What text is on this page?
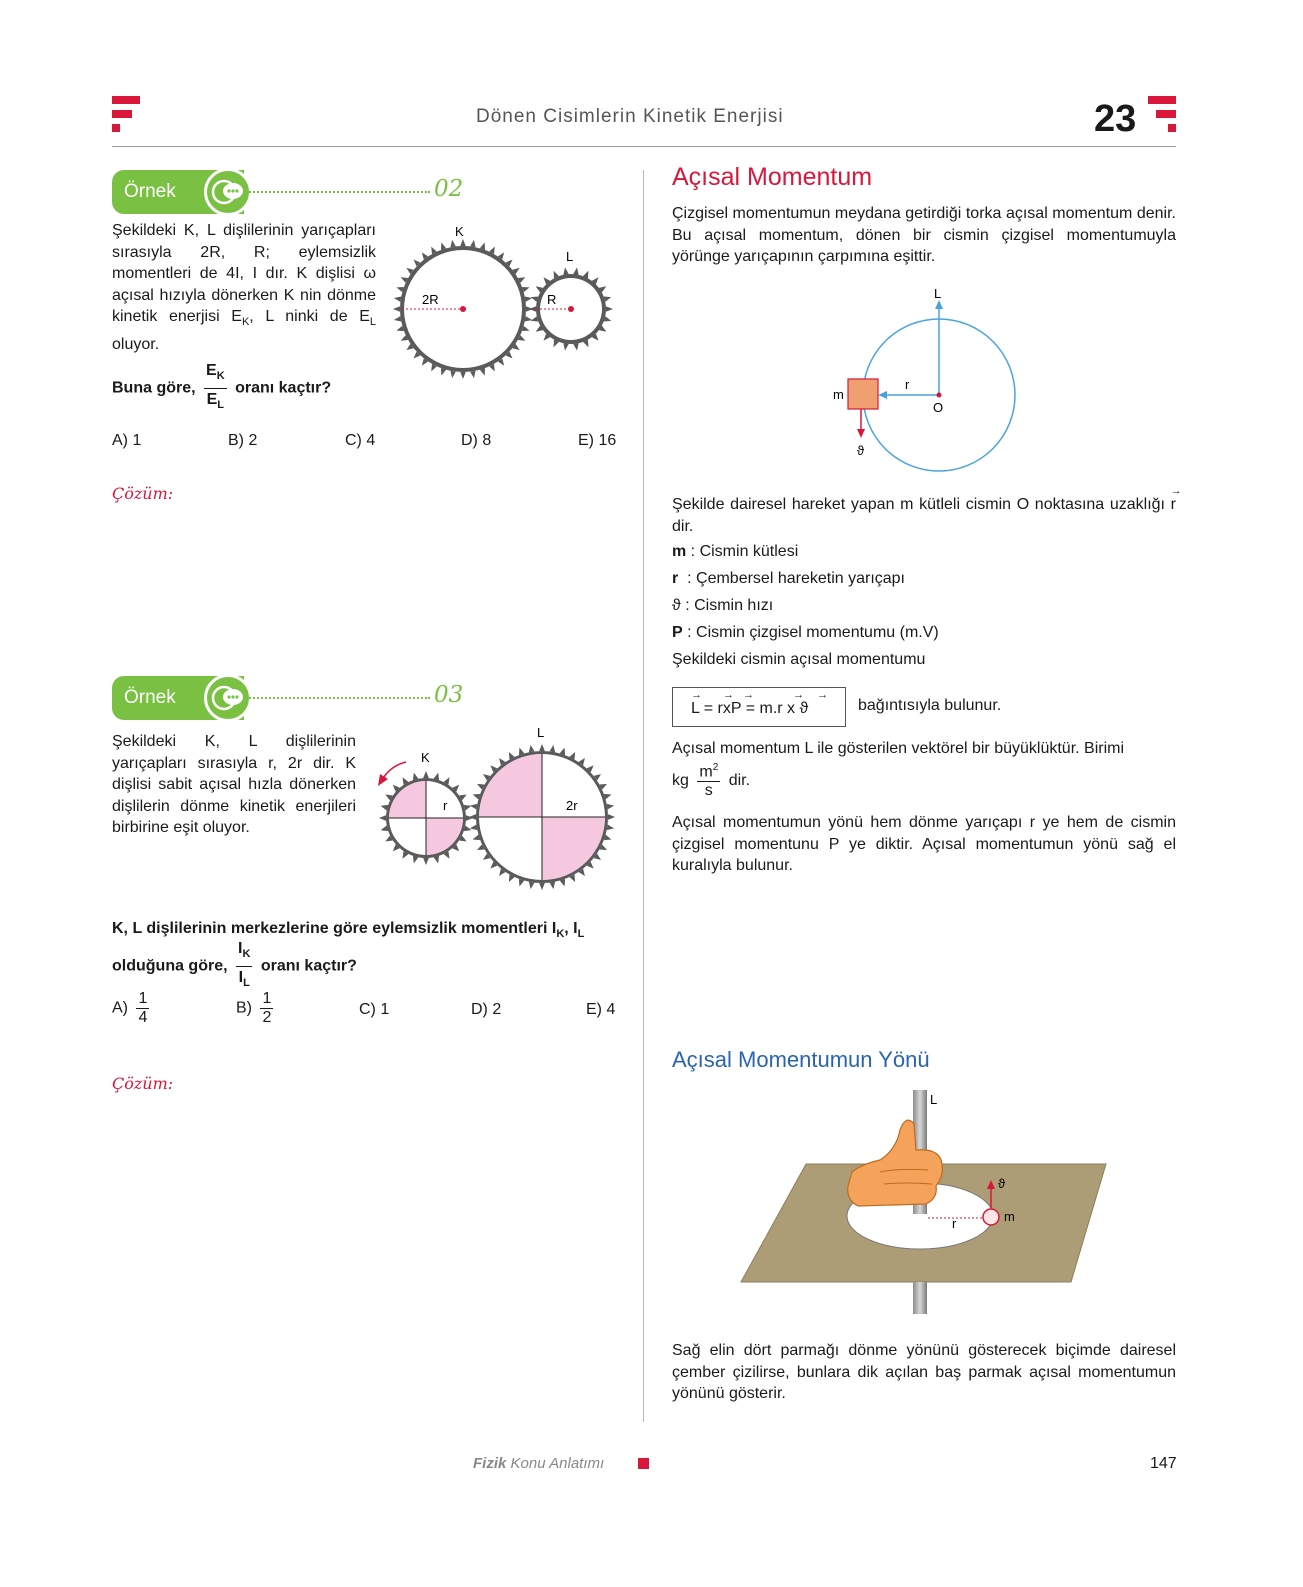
Dönen Cisimlerin Kinetik Enerjisi	23
Örnek	02
Şekildeki K, L dişlilerinin yarıçapları sırasıyla 2R, R; eylemsizlik momentleri de 4I, I dır. K dişlisi ω açısal hızıyla dönerken K nin dönme kinetik enerjisi $E_K$, L ninki de $E_L$ oluyor.
K
L
2R	R
Buna göre, $\frac{E_K}{E_L}$ oranı kaçtır?
A) 1	B) 2	C) 4	D) 8	E) 16
Çözüm:
Örnek	03
Şekildeki K, L dişlilerinin yarıçapları sırasıyla r, 2r dir. K dişlisi sabit açısal hızla dönerken dişlilerin dönme kinetik enerjileri birbirine eşit oluyor.
K
L
r	2r
K, L dişlilerinin merkezlerine göre eylemsizlik momentleri $I_K$, $I_L$
olduğuna göre, $\frac{I_K}{I_L}$ oranı kaçtır?
$A) \frac{1}{4}$	$B) \frac{1}{2}$	C) 1	D) 2	E) 4
Çözüm:
Açısal Momentum
Çizgisel momentumun meydana getirdiği torka açısal momentum denir. Bu açısal momentum, dönen bir cismin çizgisel momentumuyla yörünge yarıçapının çarpımına eşittir.
L
r
m
O
ϑ
Şekilde dairesel hareket yapan m kütleli cismin O noktasına uzaklığı
→
r dir.
m : Cismin kütlesi
r  : Çembersel hareketin yarıçapı
ϑ : Cismin hızı
P : Cismin çizgisel momentumu (m.V)
Şekildeki cismin açısal momentumu
→ → →	→ →
L = rxP = m.r x ϑ	bağıntısıyla bulunur.
Açısal momentum L ile gösterilen vektörel bir büyüklüktür. Birimi
kg $\frac{m^2}{s}$ dir.
Açısal momentumun yönü hem dönme yarıçapı r ye hem de cismin çizgisel momentunu P ye diktir. Açısal momentumun yönü sağ el kuralıyla bulunur.
Açısal Momentumun Yönü
L
ϑ
r	m
Sağ elin dört parmağı dönme yönünü gösterecek biçimde dairesel çember çizilirse, bunlara dik açılan baş parmak açısal momentumun yönünü gösterir.
Fizik Konu Anlatımı	147
